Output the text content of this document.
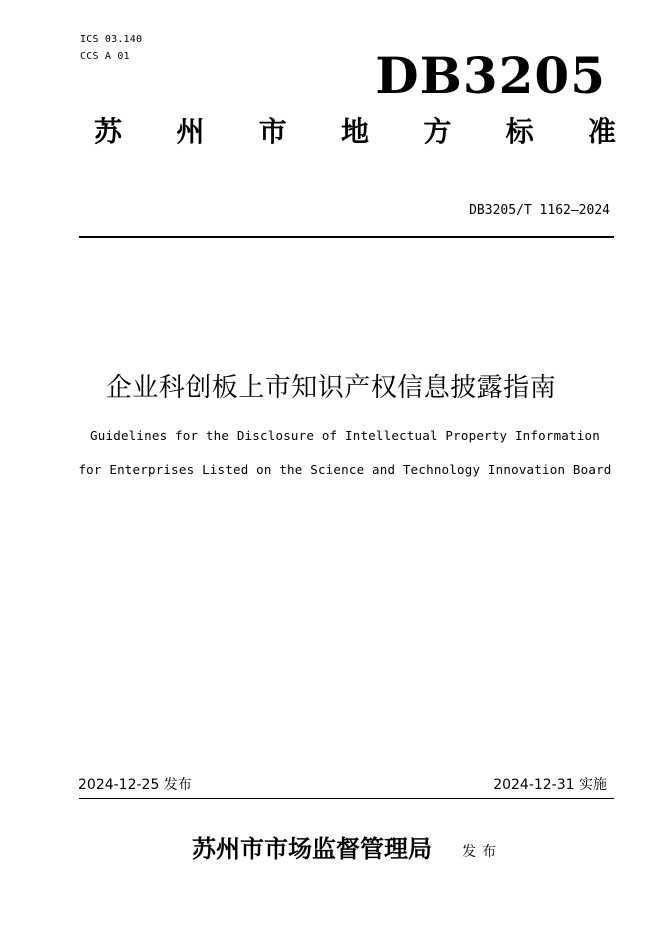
ICS 03.140
CCS A 01	DB3205
苏 州 市 地 方 标 准
DB3205/T 1162—2024
企业科创板上市知识产权信息披露指南
Guidelines for the Disclosure of Intellectual Property Information
for Enterprises Listed on the Science and Technology Innovation Board
2024-12-25 发布	2024-12-31 实施
苏州市市场监督管理局 发布
